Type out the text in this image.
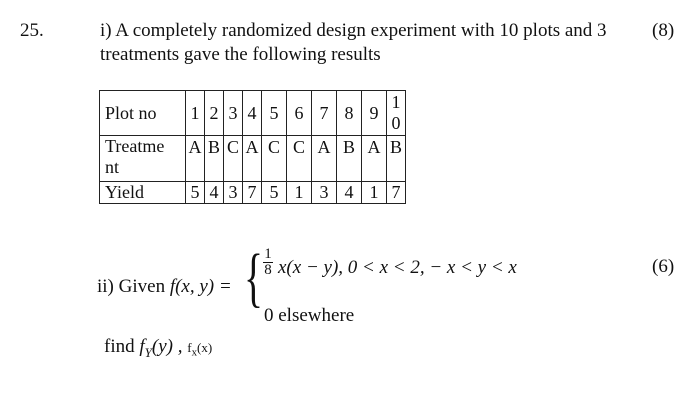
25.	i) A completely randomized design experiment with 10 plots and 3
treatments gave the following results
(8)
Plot no	1	2	3	4	5	6	7	8	9	1
0

Treatme
nt	A	B	C	A	C	C	A	B	A	B
Yield	5	4	3	7	5	1	3	4	1	7
(6)
ii) Given f(x, y) = { $\frac{1}{8} x(x - y)$, 0 < x < 2, − x < y < x
0 elsewhere
find $f_Y(y)$ , $f_x(x)$
